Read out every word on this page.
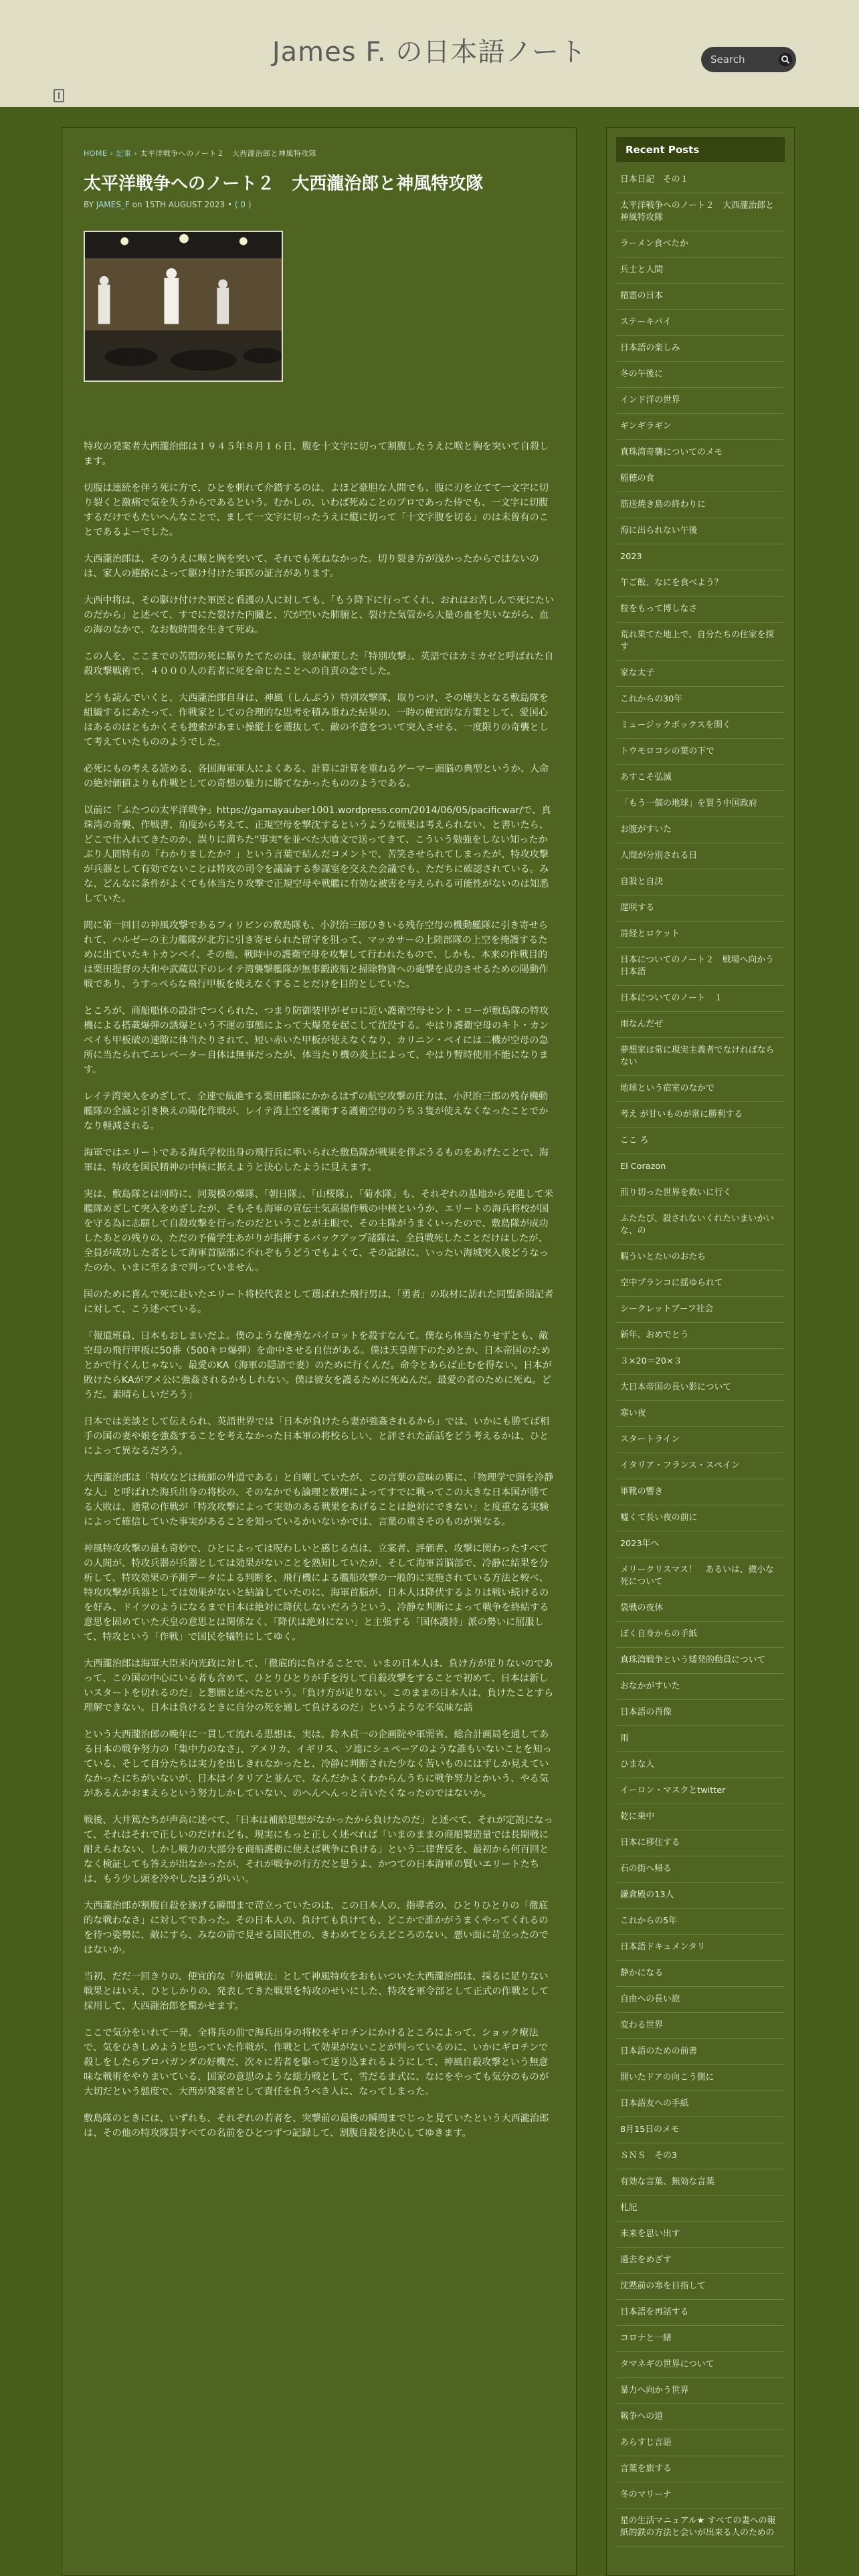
James F. の日本語ノート
Search
HOME › 記事 › 太平洋戦争へのノート２　大西瀧治郎と神風特攻隊
太平洋戦争へのノート２　大西瀧治郎と神風特攻隊
BY JAMES_F on 15TH AUGUST 2023 • ( 0 )

特攻の発案者大西瀧治郎は１９４５年８月１６日、腹を十文字に切って割腹したうえに喉と胸を突いて自殺します。

切腹は連続を伴う死に方で、ひとを刺れて介錯するのは、よほど豪胆な人間でも、腹に刃を立てて一文字に切り裂くと激痛で気を失うからであるという。むかしの、いわば死ぬことのプロであった侍でも、一文字に切腹するだけでもたいへんなことで、まして一文字に切ったうえに縦に切って「十文字腹を切る」のは未曽有のことであるよーでした。

大西瀧治郎は、そのうえに喉と胸を突いて、それでも死ねなかった。切り裂き方が浅かったからではないのは、家人の連絡によって駆け付けた軍医の証言があります。

大西中将は、その駆け付けた軍医と看護の人に対しても、「もう降下に行ってくれ、おれはお苦しんで死にたいのだから」と述べて、すでにた裂けた内臓と、穴が空いた肺腑と、裂けた気管から大量の血を失いながら、血の海のなかで、なお数時間を生きて死ぬ。

この人を、ここまでの苦悶の死に駆りたてたのは、彼が献策した「特別攻撃」、英語ではカミカゼと呼ばれた自殺攻撃戦術で、４０００人の若者に死を命じたことへの自責の念でした。

どうも読んでいくと、大西瀧治郎自身は、神風（しんぷう）特別攻撃隊、取りつけ、その壊失となる敷島隊を組織するにあたって、作戦家としての合理的な思考を積み重ねた結果の、一時の便宜的な方策として、愛国心はあるのはともかくそも捜索があまい操縦士を選抜して、敵の不意をついて突入させる、一度限りの奇襲として考えていたもののようでした。

必死にもの考える読める、各国海軍軍人によくある、計算に計算を重ねるゲーマー頭脳の典型というか、人命の絶対価値よりも作戦としての奇想の魅力に勝てなかったもののようである。

以前に「ふたつの太平洋戦争」https://gamayauber1001.wordpress.com/2014/06/05/pacificwar/で、真珠湾の奇襲、作戦書、角度から考えて、正規空母を撃沈するというような戦果は考えられない、と書いたら、どこで仕入れてきたのか、誤りに満ちた"事実"を並べた大喰文で送ってきて、こういう勉強をしない知ったかぶり人間特有の「わかりましたか？」という言葉で結んだコメントで、苦笑させられてしまったが、特攻攻撃が兵器として有効でないことは特攻の司令を議論する参謀室を交えた会議でも、ただちに確認されている。みな、どんなに条件がよくても体当たり攻撃で正規空母や戦艦に有効な被害を与えられる可能性がないのは知悉していた。

間に第一回目の神風攻撃であるフィリピンの敷島隊も、小沢治三郎ひきいる残存空母の機動艦隊に引き寄せられて、ハルゼーの主力艦隊が北方に引き寄せられた留守を狙って、マッカサーの上陸部隊の上空を掩護するために出ていたキトカンベイ、その他、戦時中の護衛空母を攻撃して行われたもので、しかも、本来の作戦目的は栗田提督の大和や武蔵以下のレイテ湾襲撃艦隊が無事鍛波船と掃除物資への砲撃を成功させるための陽動作戦であり、うすっぺらな飛行甲板を使えなくすることだけを目的としていた。

ところが、商船船体の設計でつくられた、つまり防御装甲がゼロに近い護衛空母セント・ローが敷島隊の特攻機による搭載爆弾の誘爆という不運の事態によって大爆発を起こして沈没する。やはり護衛空母のキト・カンベイも甲板破の速隙に体当たりされて、短い赤いた甲板が使えなくなり、カリニン・ベイには二機が空母の急所に当たられてエレベーター自体は無事だったが、体当たり機の炎上によって、やはり暫時使用不能になります。

レイテ湾突入をめざして、全速で航進する栗田艦隊にかかるはずの航空攻撃の圧力は、小沢治三郎の残存機動艦隊の全滅と引き換えの陽化作戦が、レイテ湾上空を護衛する護衛空母のうち３隻が使えなくなったことでかなり軽減される。

海軍ではエリートである海兵学校出身の飛行兵に率いられた敷島隊が戦果を伴ぶうるものをあげたことで、海軍は、特攻を国民精神の中核に据えようと決心したように見えます。

実は、敷島隊とは同時に、同規模の爆隊、「朝日隊」、「山桜隊」、「菊水隊」も、それぞれの基地から発進して米艦隊めざして突入をめざしたが、そもそも海軍の宣伝士気高揚作戦の中核というか、エリートの海兵将校が国を守る為に志願して自殺攻撃を行ったのだということが主眼で、その主隊がうまくいったので、敷島隊が成功したあとの残りの、ただの予備学生あがりが指揮するバックアップ諸隊は、全員戦死したことだけはしたが、全員が成功した者として海軍首脳部に不れぞもうどうでもよくて、その記録に、いったい海城突入後どうなったのか、いまに至るまで判っていません。

国のために喜んで死に赴いたエリート将校代表として選ばれた飛行男は、「勇者」の取材に訪れた同盟新聞記者に対して、こう述べている。

「報道班員、日本もおしまいだよ。僕のような優秀なパイロットを殺すなんて。僕なら体当たりせずとも、敵空母の飛行甲板に50番（500キロ爆弾）を命中させる自信がある。僕は天皇陛下のためとか、日本帝国のためとかで行くんじゃない。最愛のKA（海軍の隠語で妻）のために行くんだ。命令とあらば止むを得ない。日本が敗けたらKAがアメ公に強姦されるかもしれない。僕は彼女を護るために死ぬんだ。最愛の者のために死ぬ。どうだ。素晴らしいだろう」

日本では美談として伝えられ、英語世界では「日本が負けたら妻が強姦されるから」では、いかにも勝てば相手の国の妻や娘を強姦することを考えなかった日本軍の将校らしい、と評された話話をどう考えるかは、ひとによって異なるだろう。

大西瀧治郎は「特攻などは統師の外道である」と自嘲していたが、この言葉の意味の裏に、「物理学で頭を冷静な人」と呼ばれた海兵出身の将校の、そのなかでも論理と数理によってすでに戦ってこの大きな日本国が勝てる大敗は、通常の作戦が「特攻攻撃によって実効のある戦果をあげることは絶対にできない」と度重なる実験によって確信していた事実があることを知っているかいないかでは、言葉の重さそのものが異なる。

神風特攻攻撃の最も奇妙で、ひとによっては呪わしいと感じる点は、立案者、評価者、攻撃に関わったすべての人間が、特攻兵器が兵器としては効果がないことを熟知していたが、そして海軍首脳部で、冷静に結果を分析して、特攻効果の予測データによる判断を、飛行機による艦船攻撃の一般的に実施されている方法と較べ、特攻攻撃が兵器としては効果がないと結論していたのに、海軍首脳が、日本人は降伏するよりは戦い続けるのを好み、ドイツのようになるまで日本は絶対に降伏しないだろうという、冷静な判断によって戦争を終結する意思を固めていた天皇の意思とは関係なく、「降伏は絶対にない」と主張する「国体護持」派の勢いに屈服して、特攻という「作戦」で国民を犠牲にしてゆく。

大西瀧治郎は海軍大臣米内光政に対して、「徹底的に負けることで、いまの日本人は、負け方が足りないのであって、この国の中心にいる者も含めて、ひとりひとりが手を汚して自殺攻撃をすることで初めて、日本は新しいスタートを切れるのだ」と懇願と述べたという。「負け方が足りない。このままの日本人は、負けたことすら理解できない。日本は負けるときに自分の死を通して負けるのだ」というような不気味な話

という大西瀧治郎の晩年に一貫して流れる思想は、実は、鈴木貞一の企画院や軍需省、総合計画局を通してある日本の戦争努力の「集中力のなさ」、アメリカ、イギリス、ソ連にシュペーアのような誰もいないことを知っている、そして自分たちは実力を出しきれなかったと、冷静に判断された少なく苦いものにはずしか見えていなかったにちがいないが、日本はイタリアと並んで、なんだかよくわからんうちに戦争努力とかいう、やる気があるんかおまえらという努力しかしていない、のへんへんっと言いたくなったのではないか。

戦後、大井篤たちが声高に述べて、「日本は補給思想がなかったから負けたのだ」と述べて、それが定説になって、それはそれで正しいのだけれども、現実にもっと正しく述べれば「いまのままの商船製造量では長期戦に耐えられない、しかし戦力の大部分を商船護衛に使えば戦争に負ける」という二律背反を、最初から何百回となく検証しても答えが出なかったが、それが戦争の行方だと思うよ、かつての日本海軍の賢いエリートたちは、もう少し頭を冷やしたほうがいい。

大西瀧治郎が割腹自殺を遂げる瞬間まで苛立っていたのは、この日本人の、指導者の、ひとりひとりの「徹底的な戦わなさ」に対してであった。その日本人の、負けても負けても、どこかで誰かがうまくやってくれるのを待つ姿勢に、敵にすら、みなの前で見せる国民性の、きわめてとらえどころのない、悪い面に苛立ったのではないか。

当初、だだ一回きりの、便宜的な「外道戦法」として神風特攻をおもいついた大西瀧治郎は、採るに足りない戦果とはいえ、ひとしかりの、発表してきた戦果を特攻のせいにした、特攻を軍令部として正式の作戦として採用して、大西瀧治郎を驚かせます。

ここで気分をいれて一発、全将兵の前で海兵出身の将校をギロチンにかけるところによって、ショック療法で、気をひきしめようと思っていた作戦が、作戦として効果がないことが判っているのに、いかにギロチンで殺しをしたらプロパガンダの好機だ、次々に若者を駆って送り込まれるようにして、神風自殺攻撃という無意味な戦術をやりまいている、国家の意思のような総力戦として、雪だるま式に、なにをやっても気分のものが大切だという態度で、大西が発案者として責任を負うべき人に、なってしまった。

敷島隊のときには、いずれも、それぞれの若者を、突撃前の最後の瞬間までじっと見ていたという大西瀧治郎は、その他の特攻隊員すべての名前をひとつずつ記録して、割腹自殺を決心してゆきます。

Recent Posts
日本日記　その１
太平洋戦争へのノート２　大西瀧治郎と神風特攻隊
ラーメン食べたか
兵士と人間
精霊の日本
ステーキパイ
日本語の楽しみ
冬の午後に
インド洋の世界
ギンギラギン
真珠湾奇襲についてのメモ
稲穂の食
筋送焼き鳥の終わりに
海に出られない午後
2023
午ご飯、なにを食べよう？
粒をもって博しなさ
荒れ果てた地上で、自分たちの住家を探す
家な太子
これからの30年
ミュージックボックスを開く
トウモロコシの葉の下で
あすこそ弘滅
「もう一個の地球」を買う中国政府
お腹がすいた
人間が分別される日
自殺と自決
遅咲する
詩経とロケット
日本についてのノート２　戦場へ向かう日本語
日本についてのノート　１
雨なんだぜ
夢想家は常に現実主義者でなければならない
地球という宿室のなかで
考え が甘いものが常に勝利する
ここ ろ
El Corazon
煎り切った世界を救いに行く
ふたたび、殺されないくれたいまいかいな、の
暇ういとたいのおたち
空中プランコに揺ゆられて
シークレットブーフ社会
新年、おめでとう
３×20＝20×３
大日本帝国の長い影について
寒い夜
スタートライン
イタリア・フランス・スペイン
軍靴の響き
嘘くて長い夜の前に
2023年へ
メリークリスマス！　あるいは、微小な死について
袋戦の夜休
ぼく自身からの手紙
真珠湾戦争という矮発的動員について
おなかがすいた
日本語の肖像
雨
ひまな人
イーロン・マスクとtwitter
乾に乗中
日本に移住する
石の街へ帰る
鎌倉殿の13人
これからの5年
日本語ドキュメンタリ
静かになる
自由への長い旅
変わる世界
日本語のための前書
開いたドアの向こう側に
日本語友への手紙
8月15日のメモ
ＳＮＳ　その3
有効な言葉、無効な言葉
札記
未来を思い出す
過去をめざす
沈黙前の寒を目指して
日本語を再話する
コロナと一緒
タマネギの世界について
暴力へ向かう世界
戦争への道
あらすじ言語
言葉を旅する
冬のマリーナ
星の生活マニュアル★ すべての妻への報紙的鉄の方法と会いが出来る人のための
